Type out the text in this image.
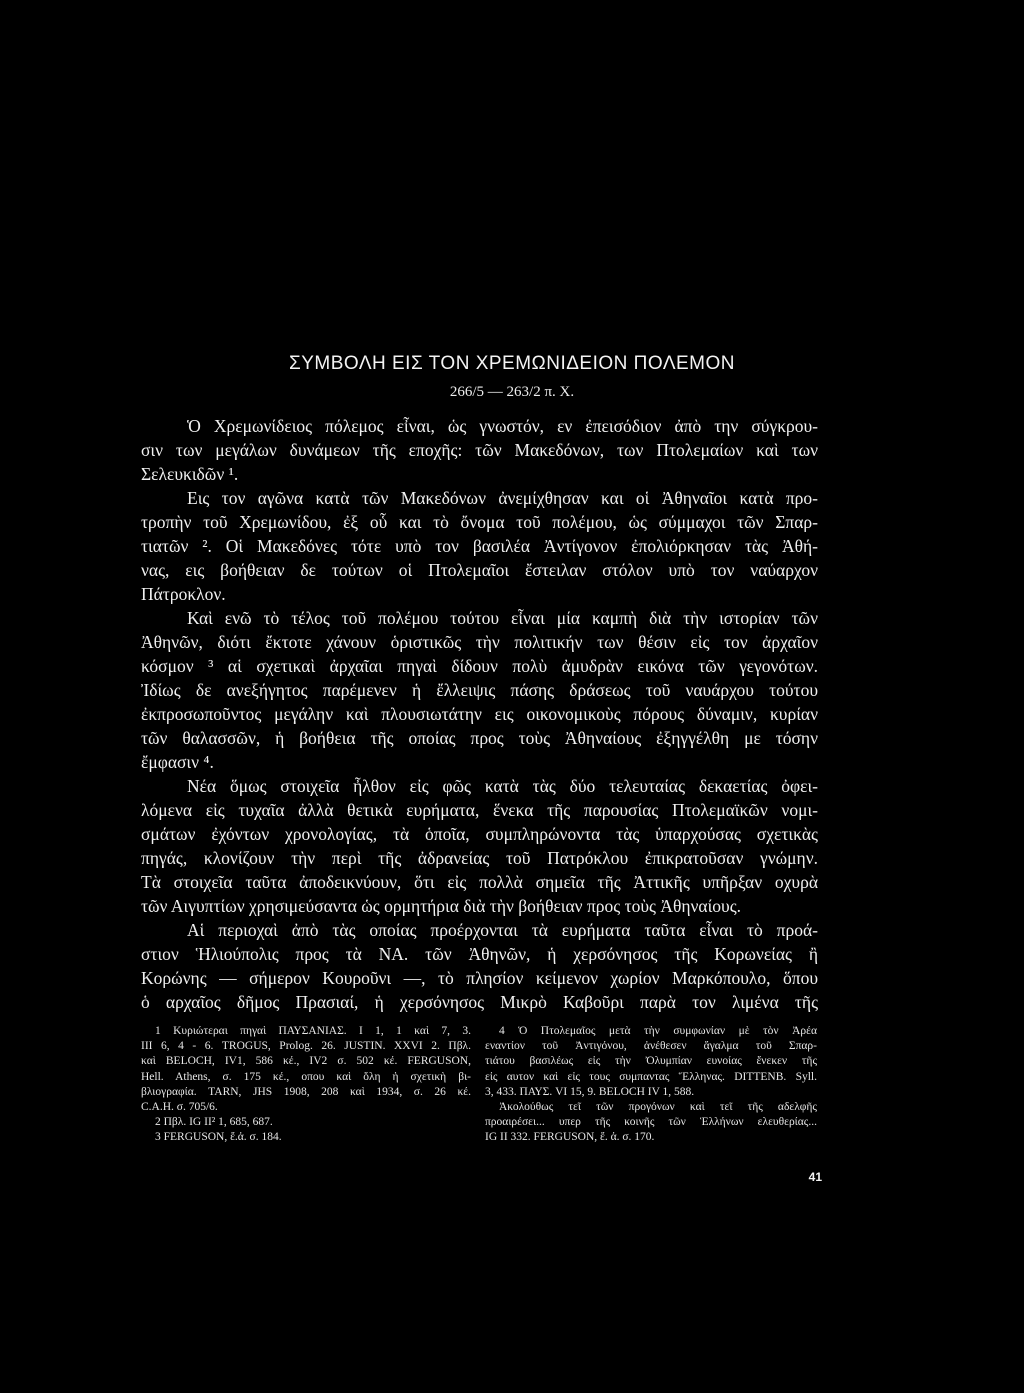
ΣΥΜΒΟΛΗ ΕΙΣ ΤΟΝ ΧΡΕΜΩΝΙΔΕΙΟΝ ΠΟΛΕΜΟΝ
266/5 — 263/2 π. Χ.
Ὁ Χρεμωνίδειος πόλεμος εἶναι, ὡς γνωστόν, εν ἐπεισόδιον ἀπὸ την σύγκρου-
σιν των μεγάλων δυνάμεων τῆς εποχῆς: τῶν Μακεδόνων, των Πτολεμαίων καὶ των
Σελευκιδῶν ¹.
Εις τον αγῶνα κατὰ τῶν Μακεδόνων ἀνεμίχθησαν και οἱ Ἀθηναῖοι κατὰ προ-
τροπὴν τοῦ Χρεμωνίδου, ἐξ οὗ και τὸ ὄνομα τοῦ πολέμου, ὡς σύμμαχοι τῶν Σπαρ-
τιατῶν ². Οἱ Μακεδόνες τότε υπὸ τον βασιλέα Ἀντίγονον ἐπολιόρκησαν τὰς Ἀθή-
νας, εις βοήθειαν δε τούτων οἱ Πτολεμαῖοι ἔστειλαν στόλον υπὸ τον ναύαρχον
Πάτροκλον.
Καὶ ενῶ τὸ τέλος τοῦ πολέμου τούτου εἶναι μία καμπὴ διὰ τὴν ιστορίαν τῶν
Ἀθηνῶν, διότι ἔκτοτε χάνουν ὁριστικῶς τὴν πολιτικήν των θέσιν εἰς τον ἀρχαῖον
κόσμον ³ αἱ σχετικαὶ ἀρχαῖαι πηγαὶ δίδουν πολὺ ἀμυδρὰν εικόνα τῶν γεγονότων.
Ἰδίως δε ανεξήγητος παρέμενεν ἡ ἔλλειψις πάσης δράσεως τοῦ ναυάρχου τούτου
ἐκπροσωποῦντος μεγάλην καὶ πλουσιωτάτην εις οικονομικοὺς πόρους δύναμιν, κυρίαν
τῶν θαλασσῶν, ἡ βοήθεια τῆς οποίας προς τοὺς Ἀθηναίους ἐξηγγέλθη με τόσην
ἔμφασιν ⁴.
Νέα ὅμως στοιχεῖα ἦλθον εἰς φῶς κατὰ τὰς δύο τελευταίας δεκαετίας ὀφει-
λόμενα εἰς τυχαῖα ἀλλὰ θετικὰ ευρήματα, ἕνεκα τῆς παρουσίας Πτολεμαϊκῶν νομι-
σμάτων ἐχόντων χρονολογίας, τὰ ὁποῖα, συμπληρώνοντα τὰς ὑπαρχούσας σχετικὰς
πηγάς, κλονίζουν τὴν περὶ τῆς ἀδρανείας τοῦ Πατρόκλου ἐπικρατοῦσαν γνώμην.
Τὰ στοιχεῖα ταῦτα ἀποδεικνύουν, ὅτι εἰς πολλὰ σημεῖα τῆς Ἀττικῆς υπῆρξαν οχυρὰ
τῶν Αιγυπτίων χρησιμεύσαντα ὡς ορμητήρια διὰ τὴν βοήθειαν προς τοὺς Ἀθηναίους.
Αἱ περιοχαὶ ἀπὸ τὰς οποίας προέρχονται τὰ ευρήματα ταῦτα εἶναι τὸ προά-
στιον Ἡλιούπολις προς τὰ ΝΑ. τῶν Ἀθηνῶν, ἡ χερσόνησος τῆς Κορωνείας ἢ
Κορώνης — σήμερον Κουροῦνι —, τὸ πλησίον κείμενον χωρίον Μαρκόπουλο, ὅπου
ὁ αρχαῖος δῆμος Πρασιαί, ἡ χερσόνησος Μικρὸ Καβοῦρι παρὰ τον λιμένα τῆς
1 Κυριώτεραι πηγαὶ ΠΑΥΣΑΝΙΑΣ. Ι 1, 1 καὶ 7, 3.
ΙΙΙ 6, 4 - 6. TROGUS, Prolog. 26. JUSTIN. XXVI 2. Πβλ.
καὶ BELOCH, IV1, 586 κέ., IV2 σ. 502 κέ. FERGUSON,
Hell. Athens, σ. 175 κέ., οπου καὶ ὅλη ἡ σχετικὴ βι-
βλιογραφία. TARN, JHS 1908, 208 καὶ 1934, σ. 26 κέ.
C.A.H. σ. 705/6.
2 Πβλ. IG II² 1, 685, 687.
3 FERGUSON, ἔ.ἀ. σ. 184.
4 Ὁ Πτολεμαῖος μετὰ τὴν συμφωνίαν μὲ τὸν Ἀρέα
εναντίον τοῦ Ἀντιγόνου, ἀνέθεσεν ἄγαλμα τοῦ Σπαρ-
τιάτου βασιλέως εἰς τὴν Ὀλυμπίαν ευνοίας ἕνεκεν τῆς
εἰς αυτον καὶ εἰς τους συμπαντας Ἕλληνας. DITTENB. Syll.
3, 433. ΠΑΥΣ. VI 15, 9. BELOCH IV 1, 588.
Ἀκολούθως τεῖ τῶν προγόνων καὶ τεῖ τῆς αδελφῆς
προαιρέσει... υπερ τῆς κοινῆς τῶν Ἑλλήνων ελευθερίας...
IG II 332. FERGUSON, ἔ. ἀ. σ. 170.
41
